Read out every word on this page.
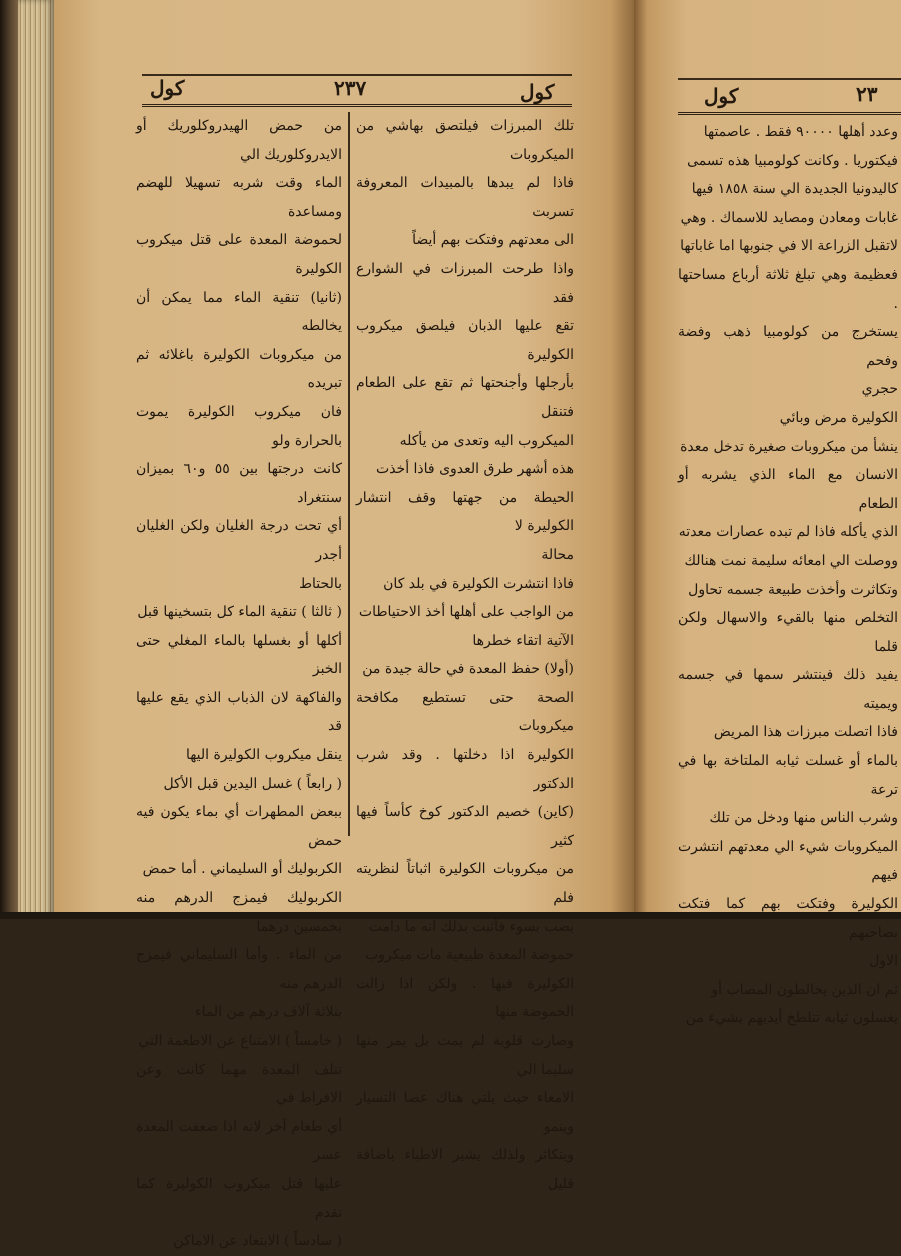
كول	٢٣٧	كول

تلك المبرزات فيلتصق بهاشي من الميكروبات

فاذا لم يبدها بالمبيدات المعروفة تسربت

الى معدتهم وفتكت بهم أيضاً

واذا طرحت المبرزات في الشوارع فقد

تقع عليها الذبان فيلصق ميكروب الكوليرة

بأرجلها وأجنحتها ثم تقع على الطعام فتنقل

الميكروب اليه وتعدى من يأكله

هذه أشهر طرق العدوى فاذا أخذت

الحيطة من جهتها وقف انتشار الكوليرة لا

محالة

فاذا انتشرت الكوليرة في بلد كان

من الواجب على أهلها أخذ الاحتياطات

الآتية اتقاء خطرها

(أولا) حفظ المعدة في حالة جيدة من

الصحة حتى تستطيع مكافحة ميكروبات

الكوليرة اذا دخلتها . وقد شرب الدكتور

(كاين) خصيم الدكتور كوخ كأساً فيها كثير

من ميكروبات الكوليرة اثباتاً لنظريته فلم

يصب بسوء فأثبت بذلك انه ما دامت

حموضة المعدة طبيعية مات ميكروب

الكوليرة فيها . ولكن اذا زالت الحموضة منها

وصارت قلوية لم يمت بل يمر منها سليما الي

الامعاء حيث يلتي هناك عصا التسيار وينمو

ويتكاثر ولذلك يشير الاطباء باضافة قليل

من حمض الهيدروكلوريك أو الايدروكلوريك الي

الماء وقت شربه تسهيلا للهضم ومساعدة

لحموضة المعدة على قتل ميكروب الكوليرة

(ثانيا) تنقية الماء مما يمكن أن يخالطه

من ميكروبات الكوليرة باغلائه ثم تبريده

فان ميكروب الكوليرة يموت بالحرارة ولو

كانت درجتها بين ٥٥ و٦٠ بميزان سنتغراد

أي تحت درجة الغليان ولكن الغليان أجدر

بالحتاط

( ثالثا ) تنقية الماء كل بتسخينها قبل

أكلها أو بغسلها بالماء المغلي حتى الخبز

والفاكهة لان الذباب الذي يقع عليها قد

ينقل ميكروب الكوليرة اليها

( رابعاً ) غسل اليدين قبل الأكل

ببعض المطهرات أي بماء يكون فيه حمض

الكربوليك أو السليماني . أما حمض

الكربوليك فيمزج الدرهم منه بخمسين درهما

من الماء . وأما السليماني فيمزج الدرهم منه

بثلاثة آلاف درهم من الماء

( خامساً ) الامتناع عن الاطعمة التي

تتلف المعدة مهما كانت وعن الافراط في

أي طعام آخر لانه اذا ضعفت المعدة عسر

عليها قتل ميكروب الكوليرة كما تقدم

( سادساً ) الابتعاد عن الاماكن

كول	٢٣

وعدد أهلها ٩٠٠٠٠ فقط . عاصمتها

فيكتوريا . وكانت كولومبيا هذه تسمى

كاليدونيا الجديدة الي سنة ١٨٥٨ فيها

غابات ومعادن ومصايد للاسماك . وهي

لاتقبل الزراعة الا في جنوبها اما غاباتها

فعظيمة وهي تبلغ ثلاثة أرباع مساحتها .

يستخرج من كولومبيا ذهب وفضة وفحم

حجري

الكوليرة مرض وبائي

ينشأ من ميكروبات صغيرة تدخل معدة

الانسان مع الماء الذي يشربه أو الطعام

الذي يأكله فاذا لم تبده عصارات معدته

ووصلت الي امعائه سليمة نمت هنالك

وتكاثرت وأخذت طبيعة جسمه تحاول

التخلص منها بالقيء والاسهال ولكن قلما

يفيد ذلك فينتشر سمها في جسمه ويميته

فاذا اتصلت مبرزات هذا المريض

بالماء أو غسلت ثيابه الملتاخة بها في ترعة

وشرب الناس منها ودخل من تلك

الميكروبات شيء الي معدتهم انتشرت فيهم

الكوليرة وفتكت بهم كما فتكت بصاحبهم

الاول

ثم ان الذين يخالطون المصاب أو

يغسلون ثيابه تتلطخ أيديهم بشيء من
